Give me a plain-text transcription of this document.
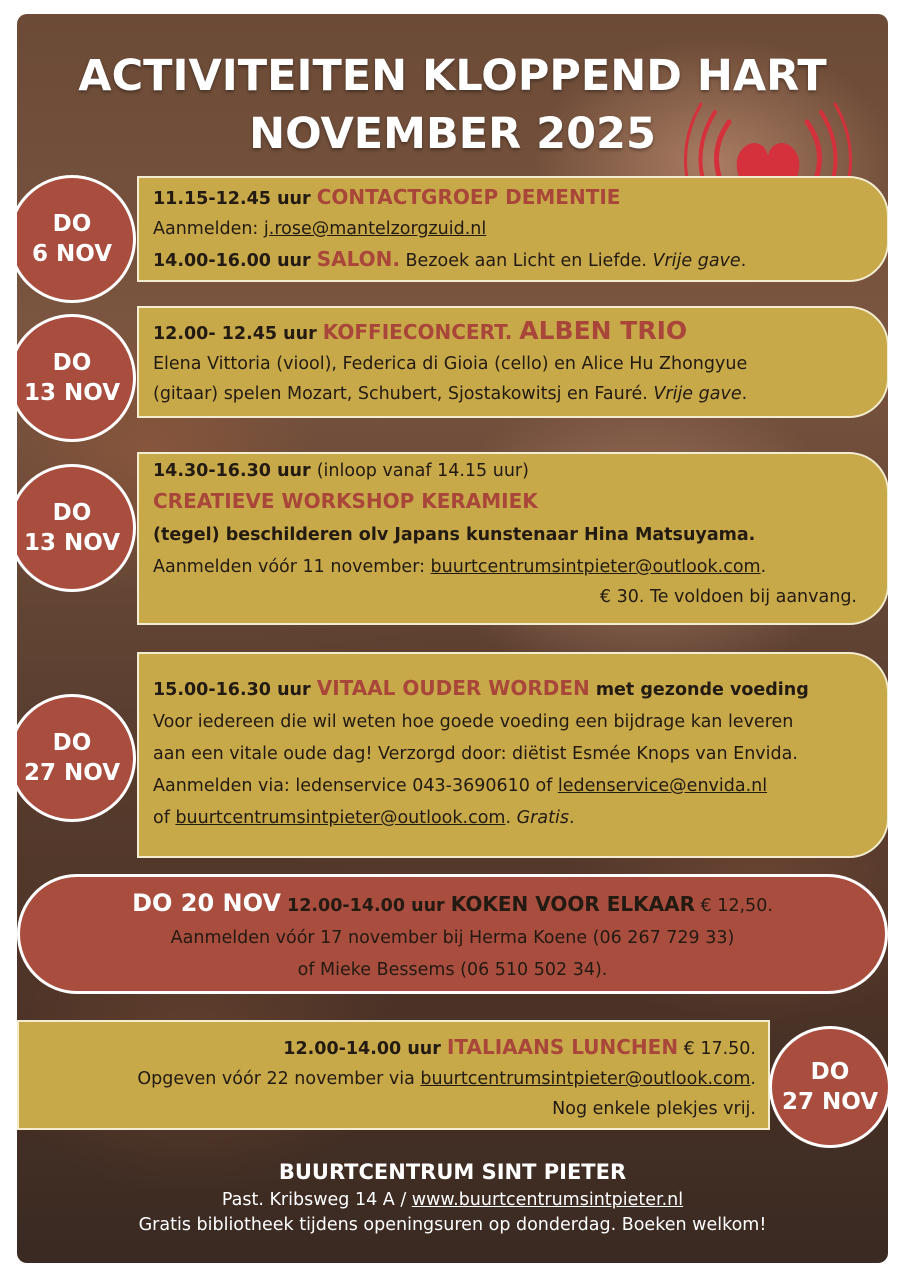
ACTIVITEITEN KLOPPEND HART
NOVEMBER 2025
11.15-12.45 uur CONTACTGROEP DEMENTIE
Aanmelden: j.rose@mantelzorgzuid.nl
14.00-16.00 uur SALON. Bezoek aan Licht en Liefde. Vrije gave.
DO
6 NOV
12.00- 12.45 uur KOFFIECONCERT. ALBEN TRIO
Elena Vittoria (viool), Federica di Gioia (cello) en Alice Hu Zhongyue
(gitaar) spelen Mozart, Schubert, Sjostakowitsj en Fauré. Vrije gave.
DO
13 NOV
14.30-16.30 uur (inloop vanaf 14.15 uur)
CREATIEVE WORKSHOP KERAMIEK
(tegel) beschilderen olv Japans kunstenaar Hina Matsuyama.
Aanmelden vóór 11 november: buurtcentrumsintpieter@outlook.com.
€ 30. Te voldoen bij aanvang.
DO
13 NOV
15.00-16.30 uur VITAAL OUDER WORDEN met gezonde voeding
Voor iedereen die wil weten hoe goede voeding een bijdrage kan leveren
aan een vitale oude dag! Verzorgd door: diëtist Esmée Knops van Envida.
Aanmelden via: ledenservice 043-3690610 of ledenservice@envida.nl
of buurtcentrumsintpieter@outlook.com. Gratis.
DO
27 NOV
DO 20 NOV 12.00-14.00 uur KOKEN VOOR ELKAAR € 12,50.
Aanmelden vóór 17 november bij Herma Koene (06 267 729 33)
of Mieke Bessems (06 510 502 34).
12.00-14.00 uur ITALIAANS LUNCHEN € 17.50.
Opgeven vóór 22 november via buurtcentrumsintpieter@outlook.com.
Nog enkele plekjes vrij.
DO
27 NOV
BUURTCENTRUM SINT PIETER
Past. Kribsweg 14 A / www.buurtcentrumsintpieter.nl
Gratis bibliotheek tijdens openingsuren op donderdag. Boeken welkom!
